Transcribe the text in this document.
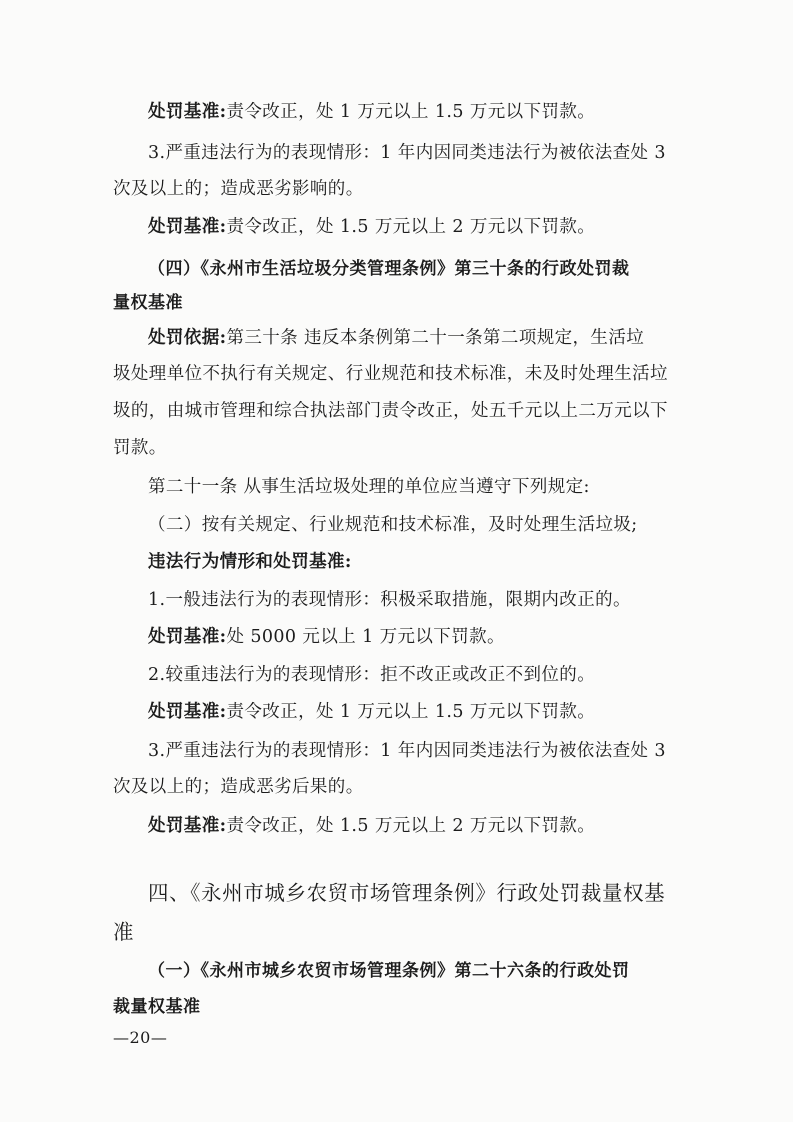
处罚基准:责令改正，处 1 万元以上 1.5 万元以下罚款。
3.严重违法行为的表现情形：1 年内因同类违法行为被依法查处 3
次及以上的；造成恶劣影响的。
处罚基准:责令改正，处 1.5 万元以上 2 万元以下罚款。
（四）《永州市生活垃圾分类管理条例》第三十条的行政处罚裁
量权基准
处罚依据:第三十条 违反本条例第二十一条第二项规定，生活垃
圾处理单位不执行有关规定、行业规范和技术标准，未及时处理生活垃
圾的，由城市管理和综合执法部门责令改正，处五千元以上二万元以下
罚款。
第二十一条 从事生活垃圾处理的单位应当遵守下列规定:
（二）按有关规定、行业规范和技术标准，及时处理生活垃圾;
违法行为情形和处罚基准:
1.一般违法行为的表现情形：积极采取措施，限期内改正的。
处罚基准:处 5000 元以上 1 万元以下罚款。
2.较重违法行为的表现情形：拒不改正或改正不到位的。
处罚基准:责令改正，处 1 万元以上 1.5 万元以下罚款。
3.严重违法行为的表现情形：1 年内因同类违法行为被依法查处 3
次及以上的；造成恶劣后果的。
处罚基准:责令改正，处 1.5 万元以上 2 万元以下罚款。
四、《永州市城乡农贸市场管理条例》行政处罚裁量权基
准
（一）《永州市城乡农贸市场管理条例》第二十六条的行政处罚
裁量权基准
—20—
